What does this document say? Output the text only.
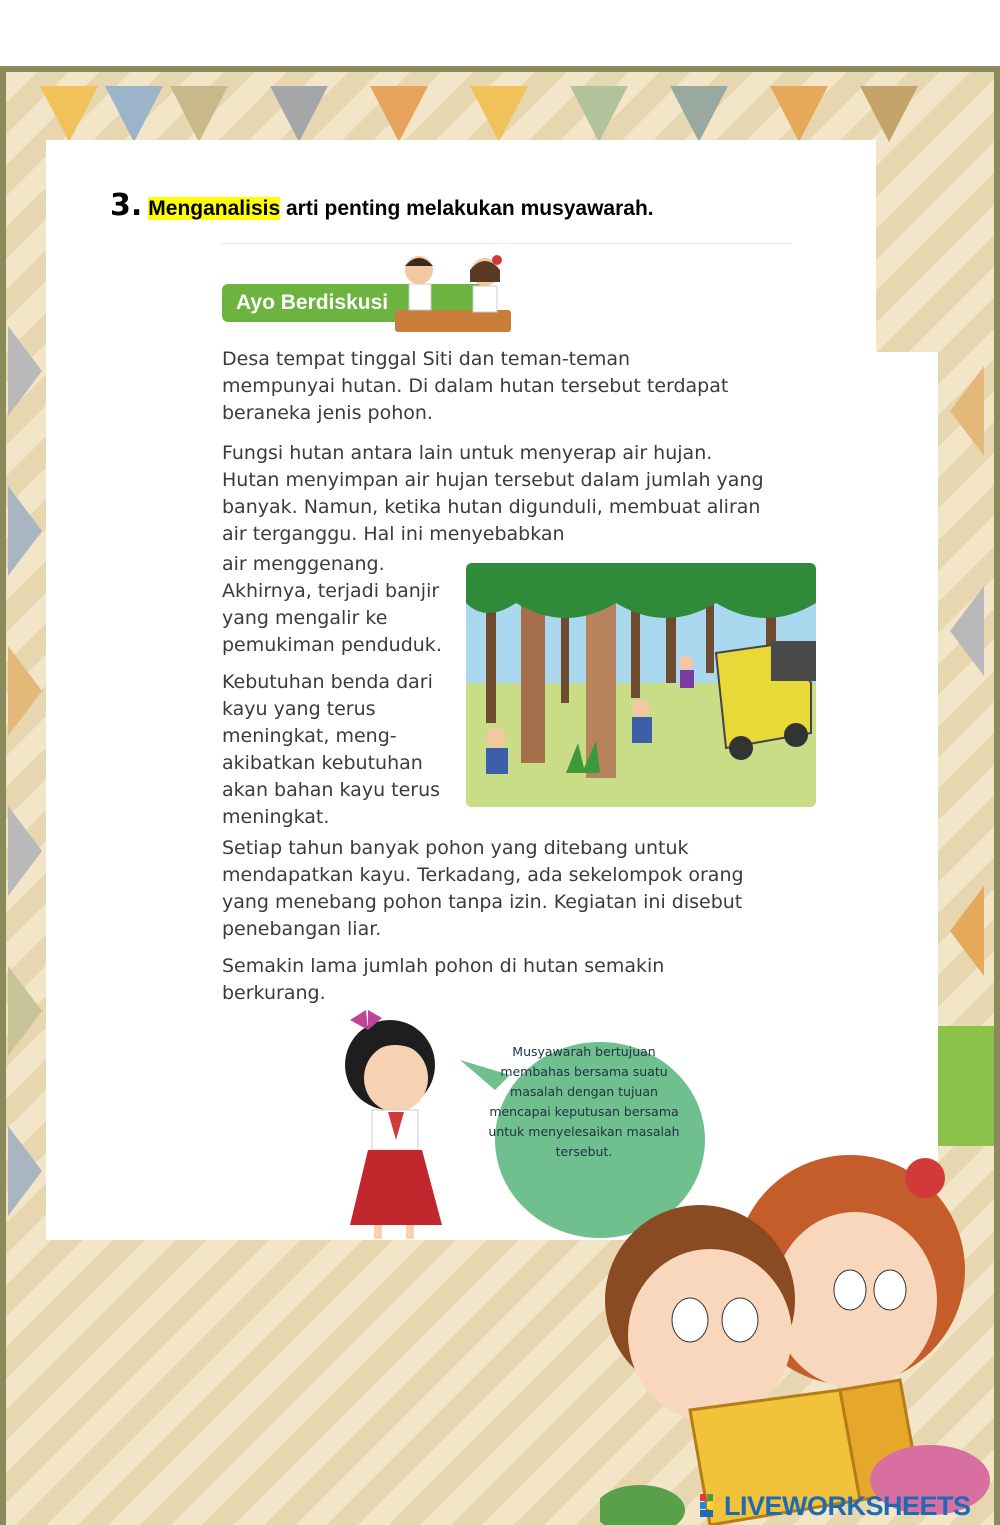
3. Menganalisis arti penting melakukan musyawarah.
Ayo Berdiskusi

Desa tempat tinggal Siti dan teman-teman mempunyai hutan. Di dalam hutan tersebut terdapat beraneka jenis pohon.

Fungsi hutan antara lain untuk menyerap air hujan. Hutan menyimpan air hujan tersebut dalam jumlah yang banyak. Namun, ketika hutan digunduli, membuat aliran air terganggu. Hal ini menyebabkan

air menggenang. Akhirnya, terjadi banjir yang mengalir ke pemukiman penduduk.

Kebutuhan benda dari kayu yang terus meningkat, meng-akibatkan kebutuhan akan bahan kayu terus meningkat.

Setiap tahun banyak pohon yang ditebang untuk mendapatkan kayu. Terkadang, ada sekelompok orang yang menebang pohon tanpa izin. Kegiatan ini disebut penebangan liar.

Semakin lama jumlah pohon di hutan semakin berkurang.

Musyawarah bertujuan membahas bersama suatu masalah dengan tujuan mencapai keputusan bersama untuk menyelesaikan masalah tersebut.
LIVEWORKSHEETS
